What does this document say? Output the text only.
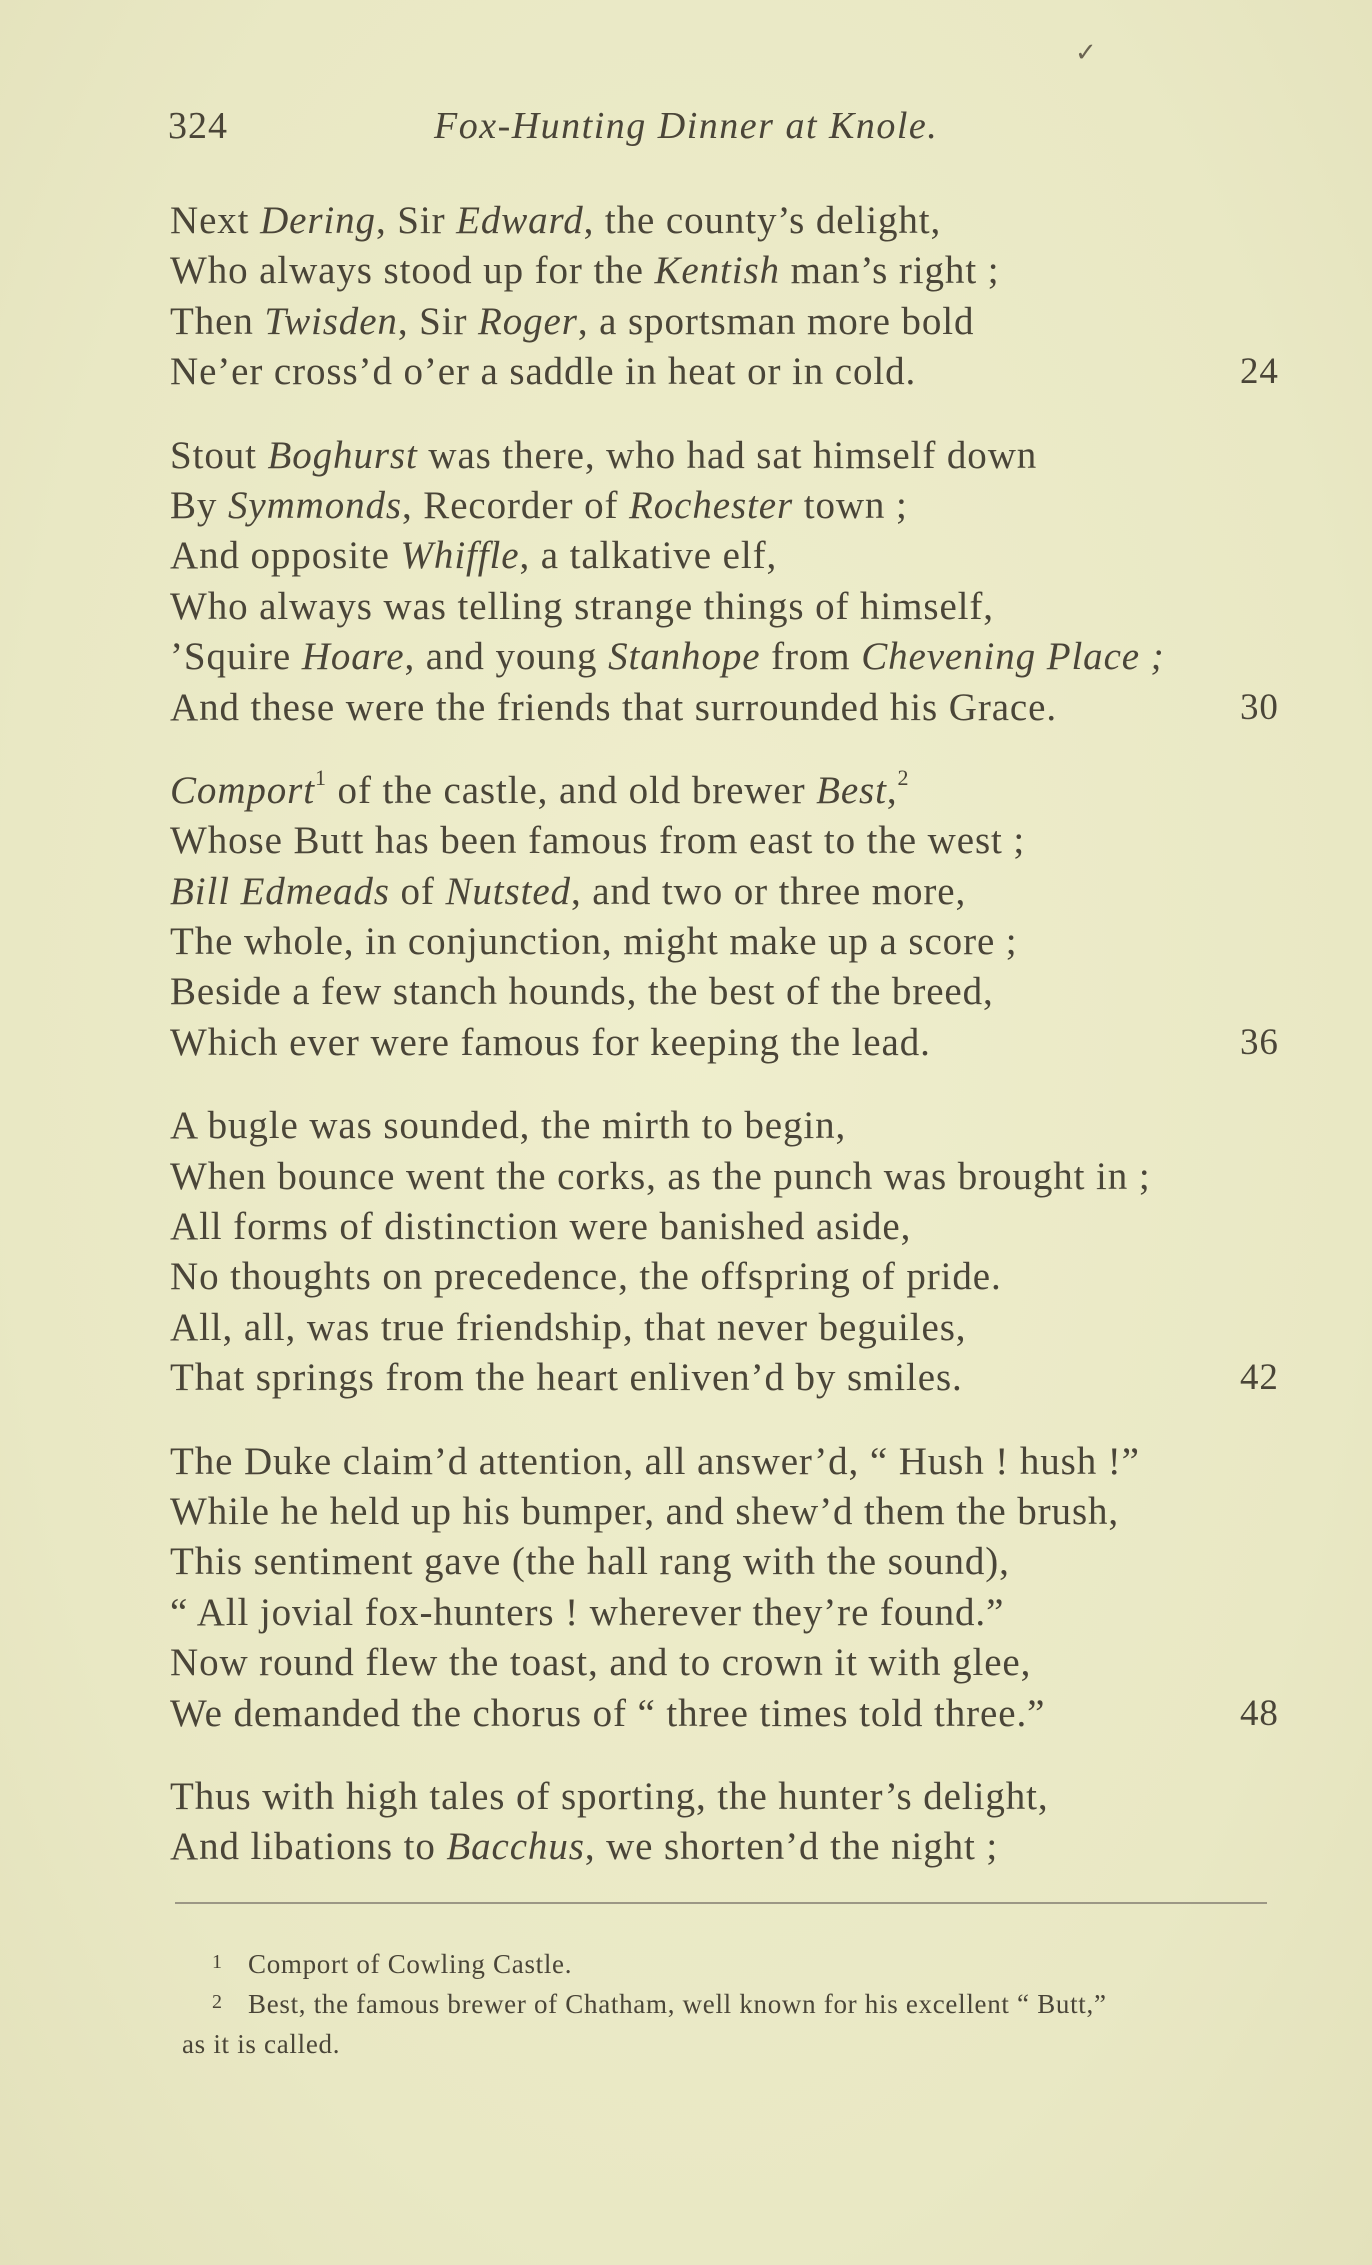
✓
324	Fox-Hunting Dinner at Knole.
Next Dering, Sir Edward, the county’s delight,
Who always stood up for the Kentish man’s right ;
Then Twisden, Sir Roger, a sportsman more bold
Ne’er cross’d o’er a saddle in heat or in cold.	24
Stout Boghurst was there, who had sat himself down
By Symmonds, Recorder of Rochester town ;
And opposite Whiffle, a talkative elf,
Who always was telling strange things of himself,
’Squire Hoare, and young Stanhope from Chevening Place ;
And these were the friends that surrounded his Grace.	30
Comport$^1$ of the castle, and old brewer Best,$^2$
Whose Butt has been famous from east to the west ;
Bill Edmeads of Nutsted, and two or three more,
The whole, in conjunction, might make up a score ;
Beside a few stanch hounds, the best of the breed,
Which ever were famous for keeping the lead.	36
A bugle was sounded, the mirth to begin,
When bounce went the corks, as the punch was brought in ;
All forms of distinction were banished aside,
No thoughts on precedence, the offspring of pride.
All, all, was true friendship, that never beguiles,
That springs from the heart enliven’d by smiles.	42
The Duke claim’d attention, all answer’d, “ Hush ! hush !”
While he held up his bumper, and shew’d them the brush,
This sentiment gave (the hall rang with the sound),
“ All jovial fox-hunters ! wherever they’re found.”
Now round flew the toast, and to crown it with glee,
We demanded the chorus of “ three times told three.”	48
Thus with high tales of sporting, the hunter’s delight,
And libations to Bacchus, we shorten’d the night ;
1 Comport of Cowling Castle.
2 Best, the famous brewer of Chatham, well known for his excellent “ Butt,”
as it is called.
